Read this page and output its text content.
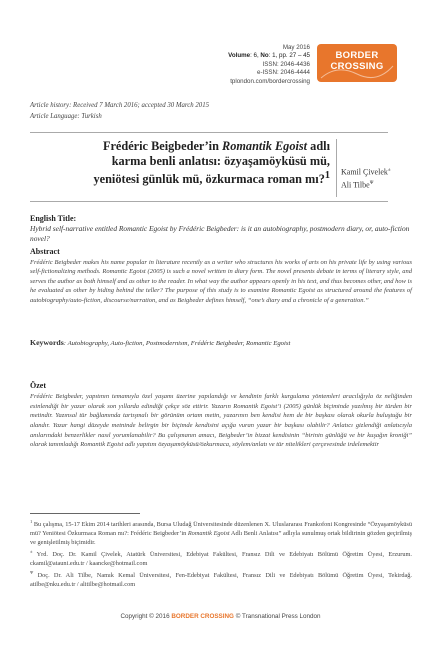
May 2016
Volume: 6, No: 1, pp. 27 – 45
ISSN: 2046-4436
e-ISSN: 2046-4444
tplondon.com/bordercrossing
BORDER
CROSSING
Article history: Received 7 March 2016; accepted 30 March 2015
Article Language: Turkish
Frédéric Beigbeder’in Romantik Egoist adlı karma benli anlatısı: özyaşamöyküsü mü, yeniötesi günlük mü, özkurmaca roman mı?$^1$ Kamil Çivelek±
Ali Tilbe$^\Psi$
English Title:
Hybrid self-narrative entitled Romantic Egoist by Frédéric Beigbeder: is it an autobiography, postmodern diary, or, auto-fiction novel?
Abstract
Frédéric Beigbeder makes his name popular in literature recently as a writer who structures his works of arts on his private life by using various self-fictionalizing methods. Romantic Egoist (2005) is such a novel written in diary form. The novel presents debate in terms of literary style, and serves the author as both himself and as other to the reader. In what way the author appears openly in his text, and thus becomes other, and how is he evaluated as other by hiding behind the teller? The purpose of this study is to examine Romantic Egoist as structured around the features of autobiography/auto-fiction, discourse/narration, and as Beigbeder defines himself, “one’s diary and a chronicle of a generation.”
Keywords: Autobiography, Auto-fiction, Postmodernism, Frédéric Beigbeder, Romantic Egoist
Özet
Frédéric Beigbeder, yapıtının temamıyla özel yaşamı üzerine yapılandığı ve kendinin farklı kurgulama yöntemleri aracılığıyla öz neliğinden esinlendiği bir yazar olarak son yıllarda edindiği çekçe söz ettirir. Yazarın Romantik Egoist’i (2005) günlük biçiminde yazılmış bir türden bir metindir. Yazınsal tür bağlamında tartışmalı bir görünüm ortam metin, yazarının ben kendisi hem de bir başkası olarak okurla buluştuğu bir alandır. Yazar hangi düzeyde metninde belirgin bir biçimde kendisini açığa vuran yazar bir başkası olabilir? Anlatıcı gizlendiği anlatıcıyla anılarındaki benzerlikler nasıl yorumlanabilir? Bu çalışmanın amacı, Beigbeder’in bizzat kendisinin “birinin günlüğü ve bir kuşağın kroniği” olarak tanımladığı Romantik Egoist adlı yapıtını özyaşamöyküsü/özkurmaca, söylem/anlatı ve tür nitelikleri çerçevesinde irdelemektir
$^1$ Bu çalışma, 15-17 Ekim 2014 tarihleri arasında, Bursa Uludağ Üniversitesinde düzenlenen X. Uluslararası Frankofoni Kongresinde “Özyaşamöyküsü mü? Yeniötesi Özkurmaca Roman mı?: Frédéric Beigbeder’in Romantik Egoist Adlı Benli Anlatısı” adlıyla sunulmuş ortak bildirinin gözden geçirilmiş ve genişletilmiş biçimidir.
± Yrd. Doç. Dr. Kamil Çivelek, Atatürk Üniversitesi, Edebiyat Fakültesi, Fransız Dili ve Edebiyatı Bölümü Öğretim Üyesi, Erzurum. ckamil@atauni.edu.tr / kaancke@hotmail.com
$^\Psi$ Doç. Dr. Ali Tilbe, Namık Kemal Üniversitesi, Fen-Edebiyat Fakültesi, Fransız Dili ve Edebiyatı Bölümü Öğretim Üyesi, Tekirdağ. atilbe@nku.edu.tr / alitilbe@hotmail.com
Copyright © 2016 BORDER CROSSING © Transnational Press London
